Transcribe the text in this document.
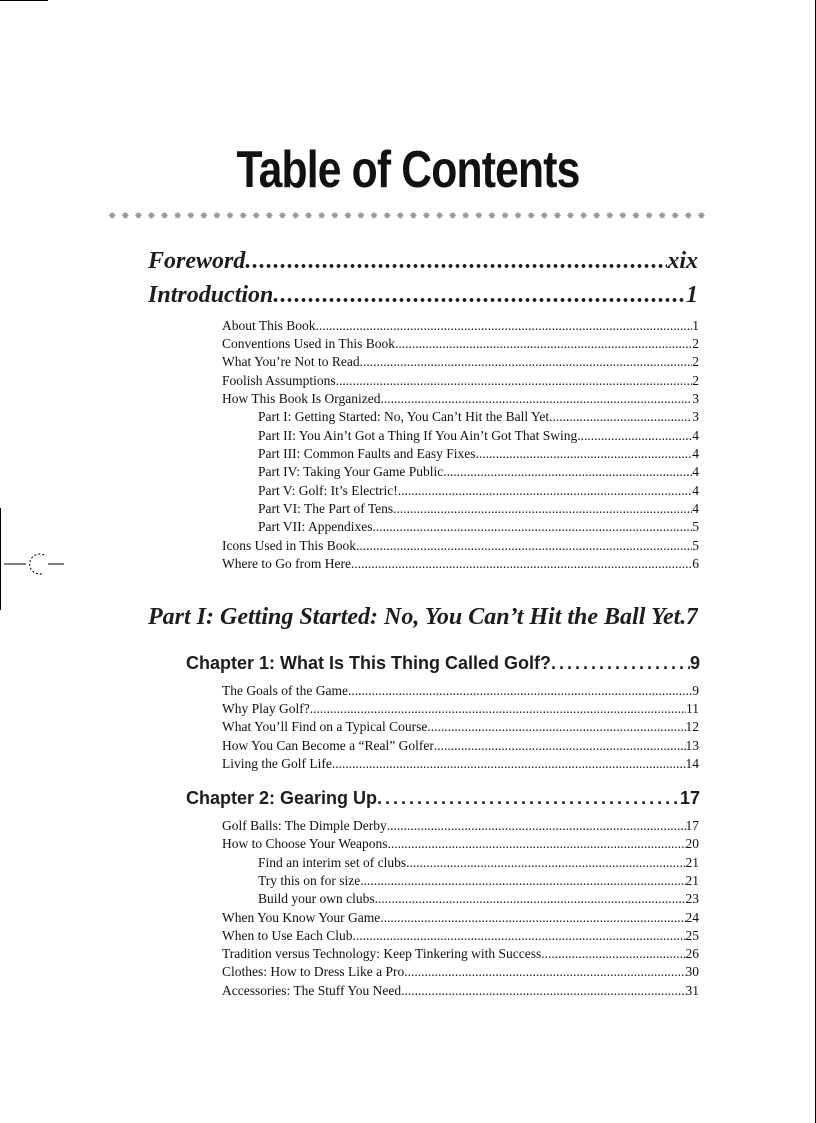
Table of Contents
✸ ✸ ✸ ✸ ✸ ✸ ✸ ✸ ✸ ✸ ✸ ✸ ✸ ✸ ✸ ✸ ✸ ✸ ✸ ✸ ✸ ✸ ✸ ✸ ✸ ✸ ✸ ✸ ✸ ✸ ✸ ✸ ✸ ✸ ✸ ✸ ✸ ✸ ✸ ✸ ✸ ✸ ✸ ✸ ✸ ✸
Foreword .....	xix
Introduction .....	1
About This Book .....	1
Conventions Used in This Book .....	2
What You’re Not to Read .....	2
Foolish Assumptions .....	2
How This Book Is Organized .....	3
Part I: Getting Started: No, You Can’t Hit the Ball Yet .....	3
Part II: You Ain’t Got a Thing If You Ain’t Got That Swing .....	4
Part III: Common Faults and Easy Fixes .....	4
Part IV: Taking Your Game Public .....	4
Part V: Golf: It’s Electric! .....	4
Part VI: The Part of Tens .....	4
Part VII: Appendixes .....	5
Icons Used in This Book .....	5
Where to Go from Here .....	6
Part I: Getting Started: No, You Can’t Hit the Ball Yet ..... 7
Chapter 1: What Is This Thing Called Golf? .....	9
The Goals of the Game .....	9
Why Play Golf? .....	11
What You’ll Find on a Typical Course .....	12
How You Can Become a “Real” Golfer .....	13
Living the Golf Life .....	14
Chapter 2: Gearing Up .....	17
Golf Balls: The Dimple Derby .....	17
How to Choose Your Weapons .....	20
Find an interim set of clubs .....	21
Try this on for size .....	21
Build your own clubs .....	23
When You Know Your Game .....	24
When to Use Each Club .....	25
Tradition versus Technology: Keep Tinkering with Success .....	26
Clothes: How to Dress Like a Pro .....	30
Accessories: The Stuff You Need .....	31
